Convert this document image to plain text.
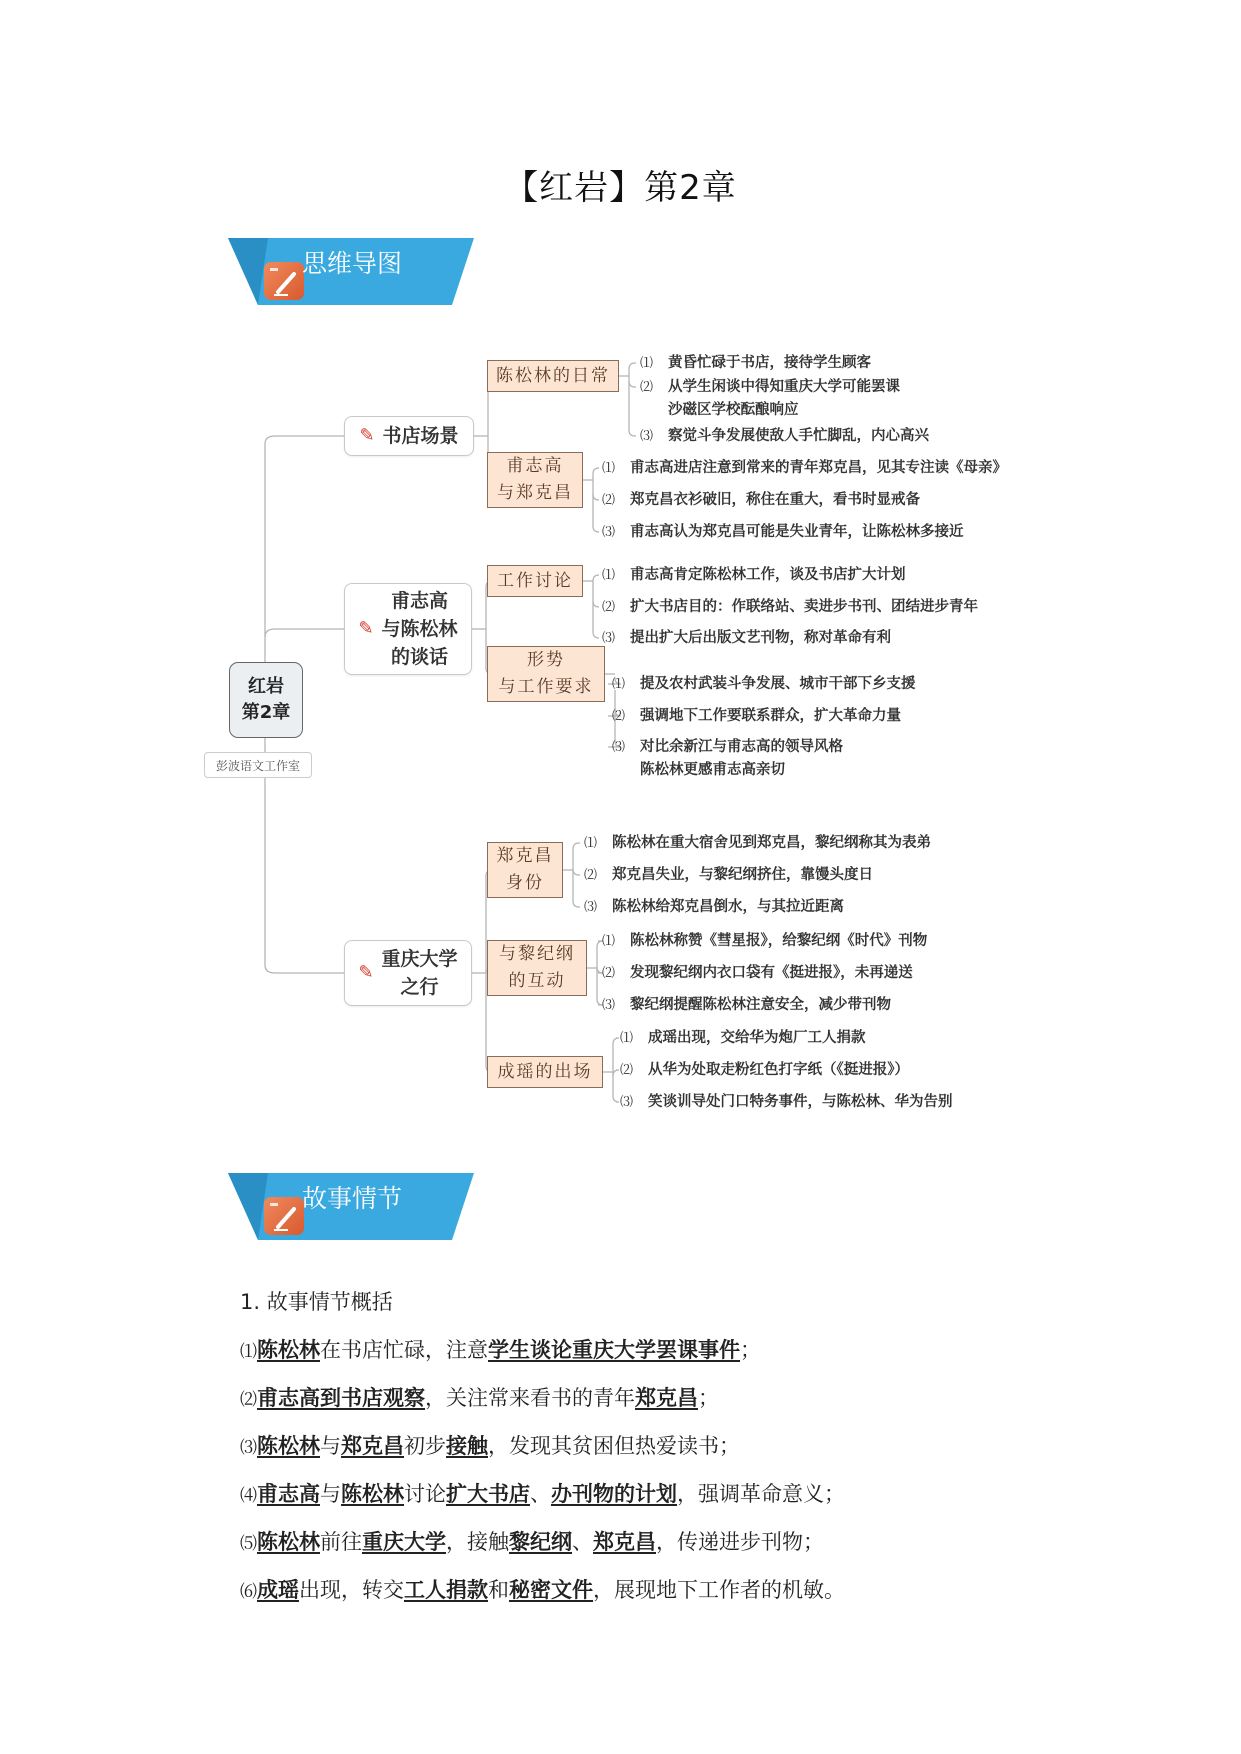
【红岩】第2章
思维导图
红岩
第2章
彭波语文工作室
✎ 书店场景
陈松林的日常
⑴ 黄昏忙碌于书店，接待学生顾客
⑵ 从学生闲谈中得知重庆大学可能罢课
沙磁区学校酝酿响应
⑶ 察觉斗争发展使敌人手忙脚乱，内心高兴
甫志高
与郑克昌
⑴ 甫志高进店注意到常来的青年郑克昌，见其专注读《母亲》
⑵ 郑克昌衣衫破旧，称住在重大，看书时显戒备
⑶ 甫志高认为郑克昌可能是失业青年，让陈松林多接近
✎
甫志高
与陈松林
的谈话
工作讨论 ⑴ 甫志高肯定陈松林工作，谈及书店扩大计划
⑵ 扩大书店目的：作联络站、卖进步书刊、团结进步青年
⑶ 提出扩大后出版文艺刊物，称对革命有利
形势
与工作要求 ⑴ 提及农村武装斗争发展、城市干部下乡支援
⑵ 强调地下工作要联系群众，扩大革命力量
⑶ 对比余新江与甫志高的领导风格
陈松林更感甫志高亲切
✎
重庆大学
之行
郑克昌
身份
⑴ 陈松林在重大宿舍见到郑克昌，黎纪纲称其为表弟
⑵ 郑克昌失业，与黎纪纲挤住，靠馒头度日
⑶ 陈松林给郑克昌倒水，与其拉近距离
与黎纪纲
的互动
⑴ 陈松林称赞《彗星报》，给黎纪纲《时代》刊物
⑵ 发现黎纪纲内衣口袋有《挺进报》，未再递送
⑶ 黎纪纲提醒陈松林注意安全，减少带刊物
成瑶的出场
⑴ 成瑶出现，交给华为炮厂工人捐款
⑵ 从华为处取走粉红色打字纸（《挺进报》）
⑶ 笑谈训导处门口特务事件，与陈松林、华为告别
故事情节
1. 故事情节概括
⑴陈松林在书店忙碌，注意学生谈论重庆大学罢课事件；
⑵甫志高到书店观察，关注常来看书的青年郑克昌；
⑶陈松林与郑克昌初步接触，发现其贫困但热爱读书；
⑷甫志高与陈松林讨论扩大书店、办刊物的计划，强调革命意义；
⑸陈松林前往重庆大学，接触黎纪纲、郑克昌，传递进步刊物；
⑹成瑶出现，转交工人捐款和秘密文件，展现地下工作者的机敏。
